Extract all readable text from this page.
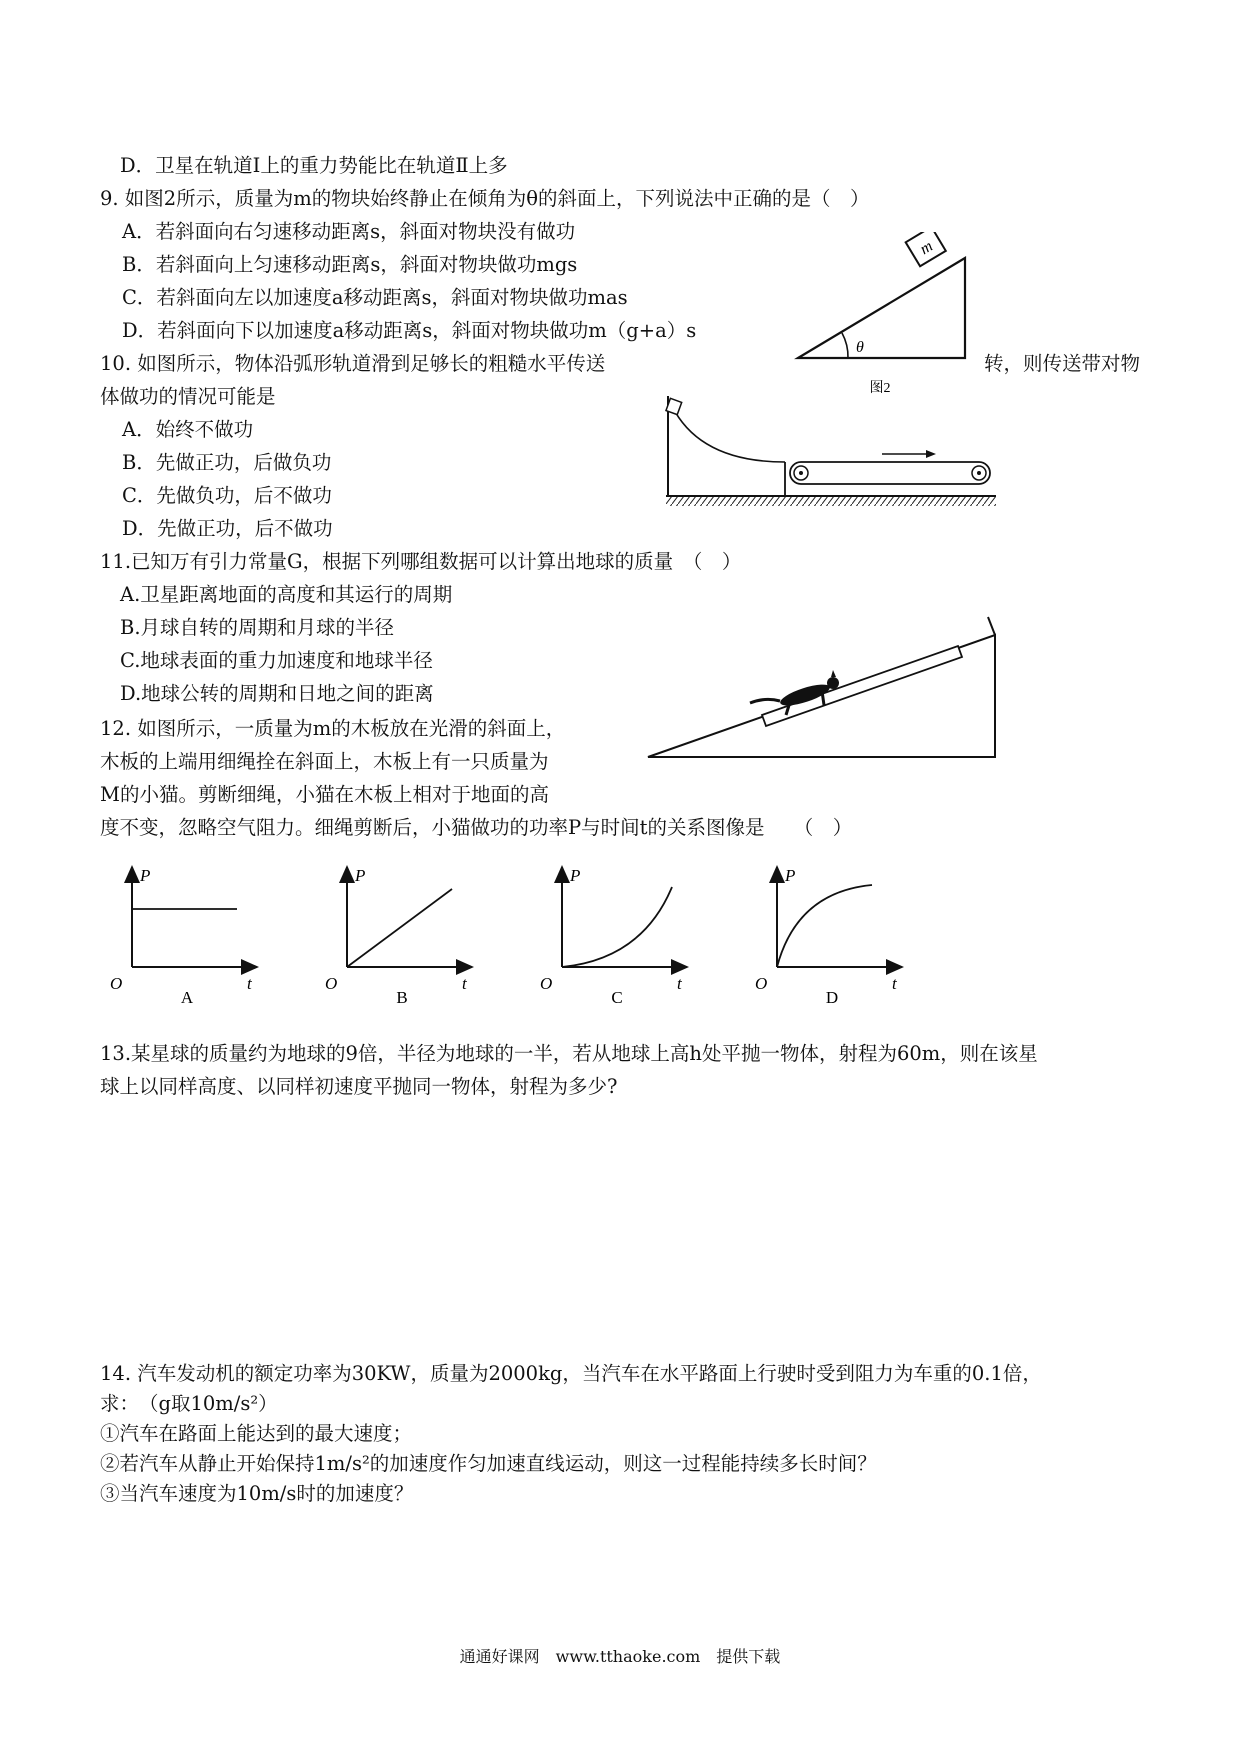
D．卫星在轨道Ⅰ上的重力势能比在轨道Ⅱ上多
9. 如图2所示，质量为m的物块始终静止在倾角为θ的斜面上，下列说法中正确的是（　）
A．若斜面向右匀速移动距离s，斜面对物块没有做功
B．若斜面向上匀速移动距离s，斜面对物块做功mgs
C．若斜面向左以加速度a移动距离s，斜面对物块做功mas
D．若斜面向下以加速度a移动距离s，斜面对物块做功m（g+a）s
m
θ
图2
10. 如图所示，物体沿弧形轨道滑到足够长的粗糙水平传送	转，则传送带对物
体做功的情况可能是
A．始终不做功
B．先做正功，后做负功
C．先做负功，后不做功
D．先做正功，后不做功
11.已知万有引力常量G，根据下列哪组数据可以计算出地球的质量　（　）
A.卫星距离地面的高度和其运行的周期
B.月球自转的周期和月球的半径
C.地球表面的重力加速度和地球半径
D.地球公转的周期和日地之间的距离
12. 如图所示，一质量为m的木板放在光滑的斜面上，
木板的上端用细绳拴在斜面上，木板上有一只质量为
M的小猫。剪断细绳，小猫在木板上相对于地面的高
度不变，忽略空气阻力。细绳剪断后，小猫做功的功率P与时间t的关系图像是　　（　）
P
t
O
A
P
t
O
B
P
t
O
C
P
t
O
D
13.某星球的质量约为地球的9倍，半径为地球的一半，若从地球上高h处平抛一物体，射程为60m，则在该星
球上以同样高度、以同样初速度平抛同一物体，射程为多少?
14. 汽车发动机的额定功率为30KW，质量为2000kg，当汽车在水平路面上行驶时受到阻力为车重的0.1倍，
求：　（g取10m/s²）
①汽车在路面上能达到的最大速度；
②若汽车从静止开始保持1m/s²的加速度作匀加速直线运动，则这一过程能持续多长时间？
③当汽车速度为10m/s时的加速度？
通通好课网　www.tthaoke.com　提供下载
